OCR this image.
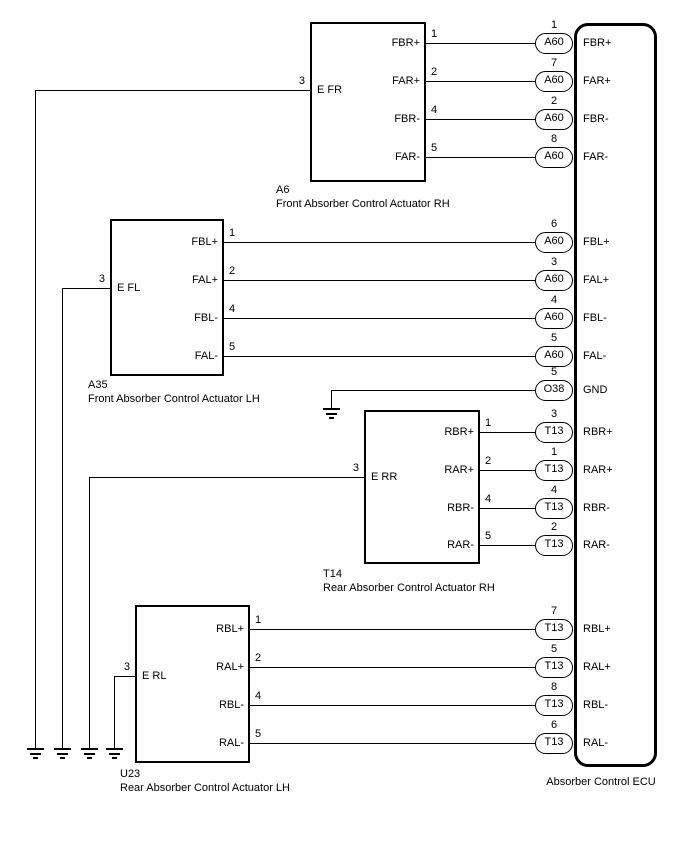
Absorber Control ECU
A6
Front Absorber Control Actuator RH
E FR
3
FBR+
1
1
A60	FBR+
FAR+
2
7
A60	FAR+
FBR-
4
2
A60	FBR-
FAR-
5
8
A60	FAR-
A35
Front Absorber Control Actuator LH
E FL
3
FBL+
1
6
A60	FBL+
FAL+
2
3
A60	FAL+
FBL-
4
4
A60	FBL-
FAL-
5
5
A60	FAL-
T14
Rear Absorber Control Actuator RH
E RR
3
RBR+
1
3
T13	RBR+
RAR+
2
1
T13	RAR+
RBR-
4
4
T13	RBR-
RAR-
5
2
T13	RAR-
U23
Rear Absorber Control Actuator LH
E RL
3
RBL+
1
7
T13	RBL+
RAL+
2
5
T13	RAL+
RBL-
4
8
T13	RBL-
RAL-
5
6
T13	RAL-
5
O38	GND
